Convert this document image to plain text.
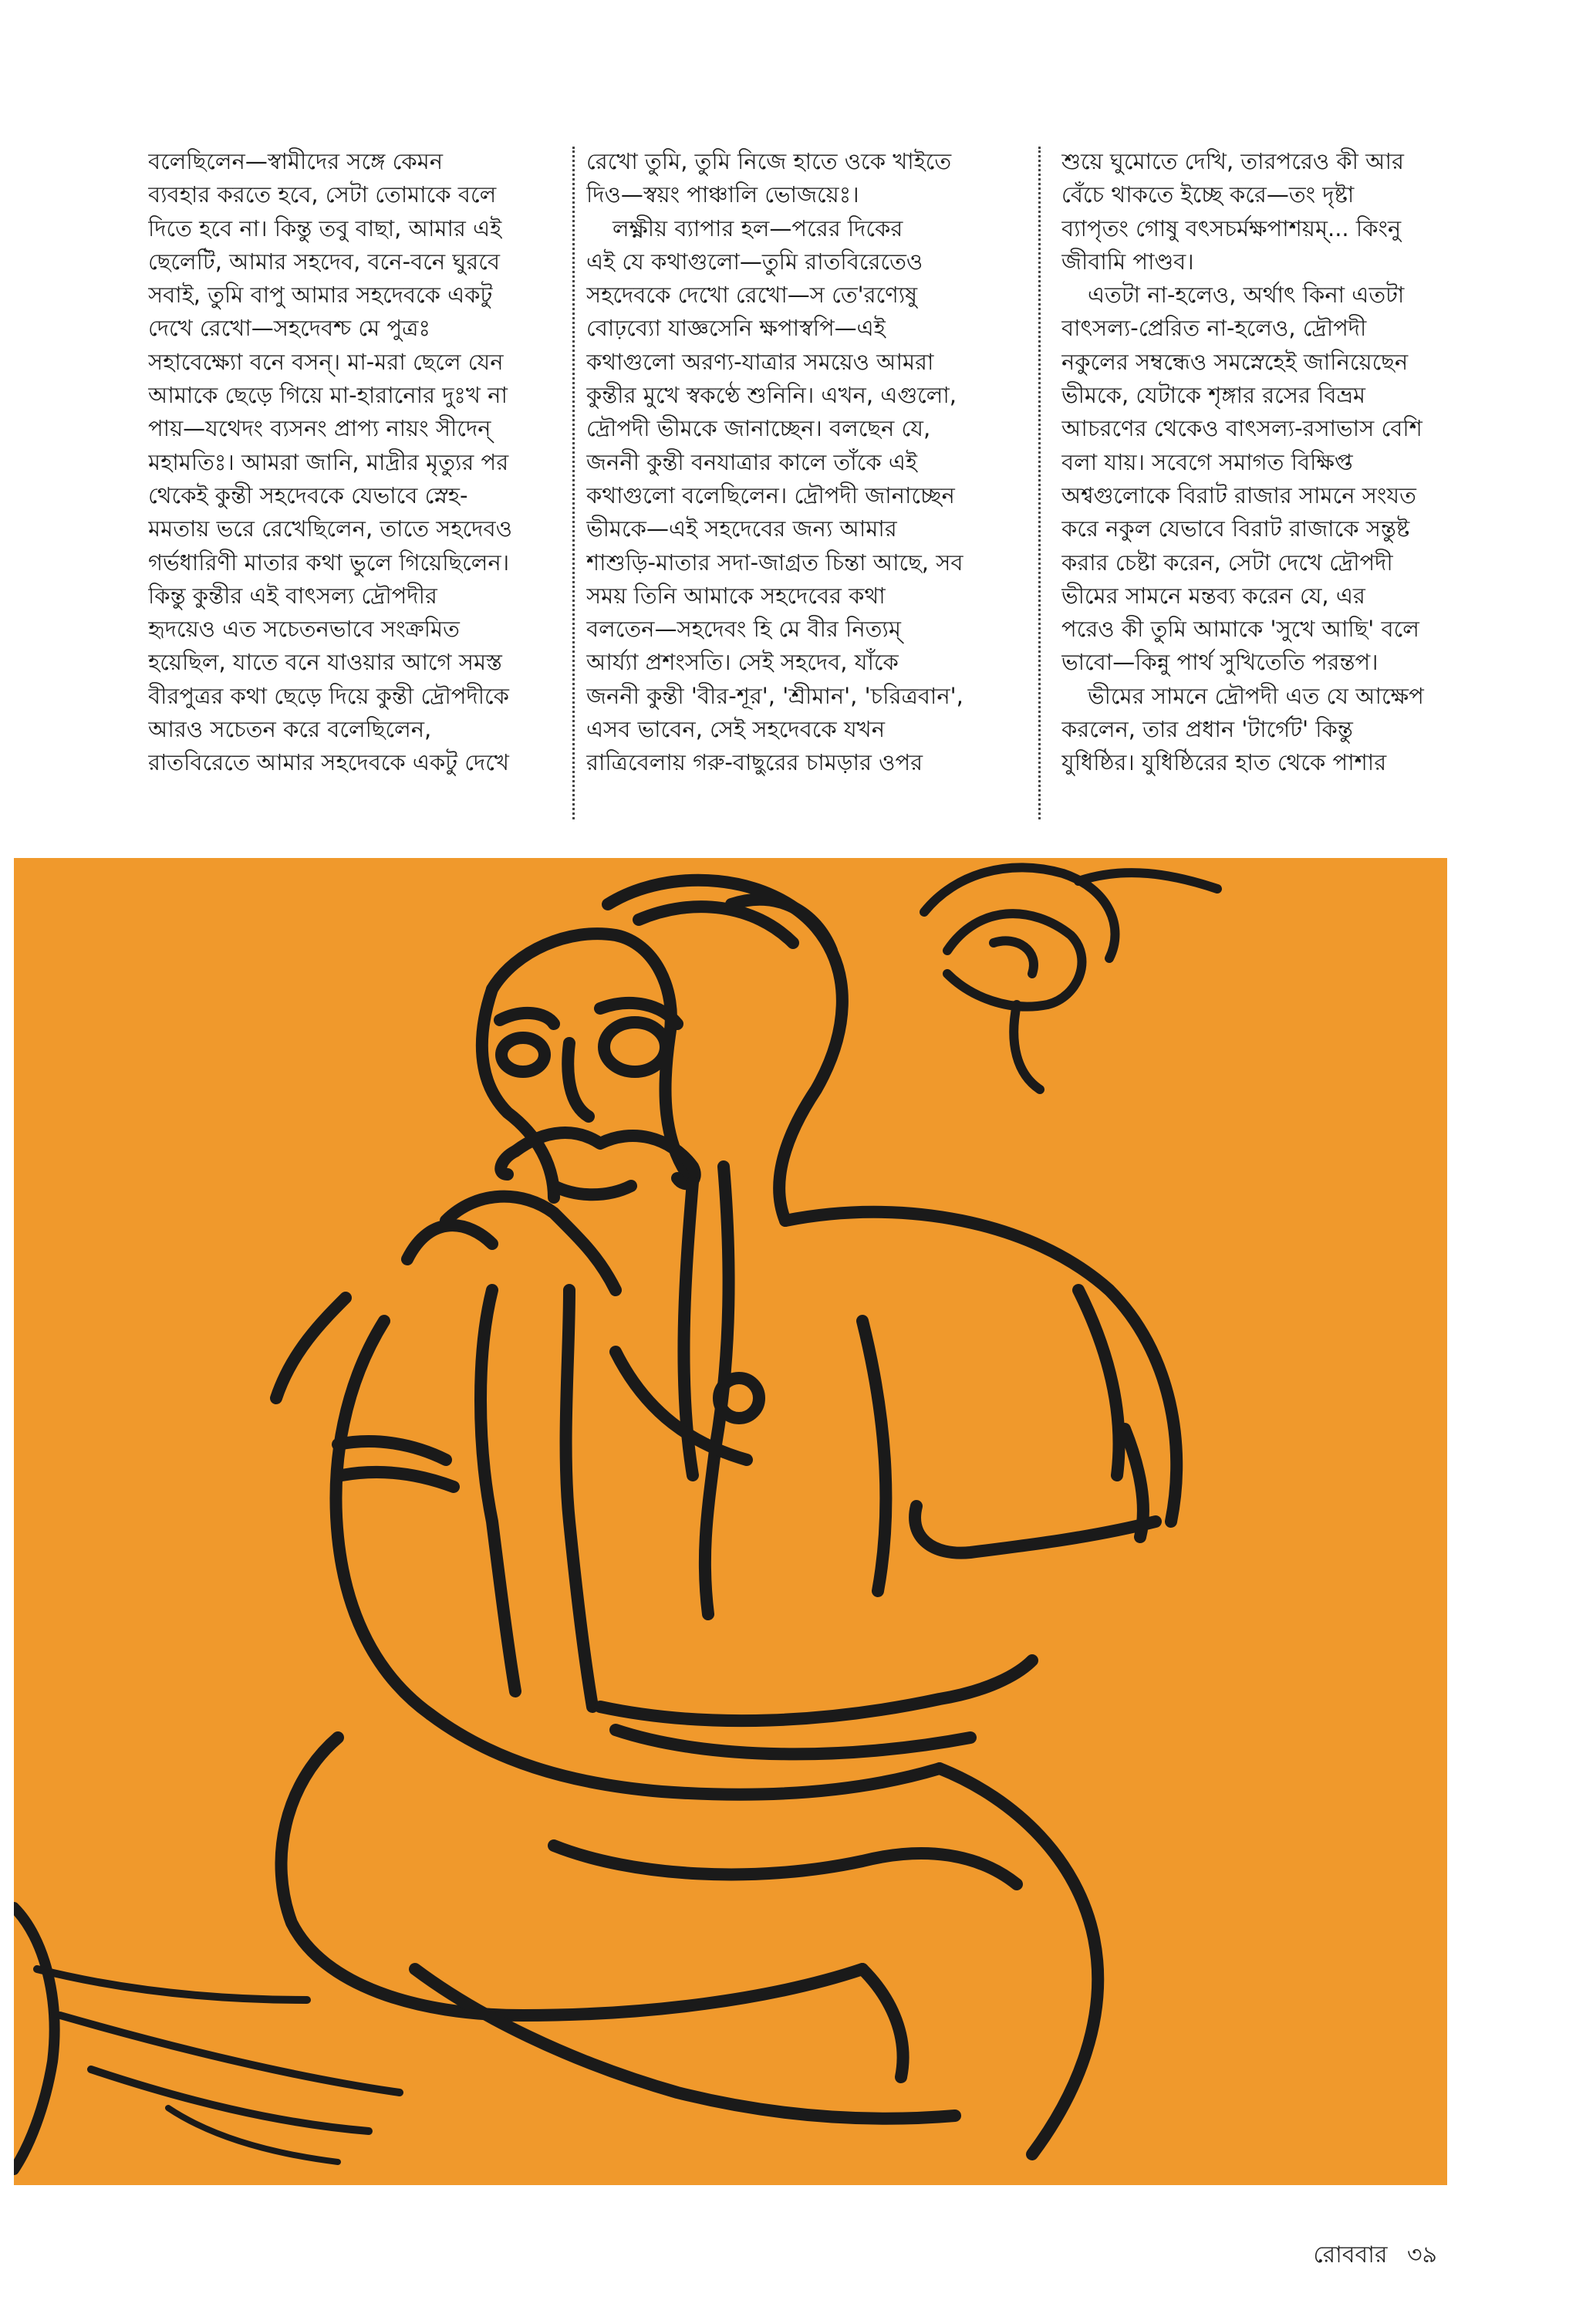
বলেছিলেন—স্বামীদের সঙ্গে কেমন
ব্যবহার করতে হবে, সেটা তোমাকে বলে
দিতে হবে না। কিন্তু তবু বাছা, আমার এই
ছেলেটি, আমার সহদেব, বনে-বনে ঘুরবে
সবাই, তুমি বাপু আমার সহদেবকে একটু
দেখে রেখো—সহদেবশ্চ মে পুত্রঃ
সহাবেক্ষ্যো বনে বসন্। মা-মরা ছেলে যেন
আমাকে ছেড়ে গিয়ে মা-হারানোর দুঃখ না
পায়—যথেদং ব্যসনং প্রাপ্য নায়ং সীদেন্
মহামতিঃ। আমরা জানি, মাদ্রীর মৃত্যুর পর
থেকেই কুন্তী সহদেবকে যেভাবে স্নেহ-
মমতায় ভরে রেখেছিলেন, তাতে সহদেবও
গর্ভধারিণী মাতার কথা ভুলে গিয়েছিলেন।
কিন্তু কুন্তীর এই বাৎসল্য দ্রৌপদীর
হৃদয়েও এত সচেতনভাবে সংক্রমিত
হয়েছিল, যাতে বনে যাওয়ার আগে সমস্ত
বীরপুত্রর কথা ছেড়ে দিয়ে কুন্তী দ্রৌপদীকে
আরও সচেতন করে বলেছিলেন,
রাতবিরেতে আমার সহদেবকে একটু দেখে
রেখো তুমি, তুমি নিজে হাতে ওকে খাইতে
দিও—স্বয়ং পাঞ্চালি ভোজয়েঃ।
লক্ষ্ণীয় ব্যাপার হল—পরের দিকের
এই যে কথাগুলো—তুমি রাতবিরেতেও
সহদেবকে দেখো রেখো—স তে'রণ্যেষু
বোঢ়ব্যো যাজ্ঞসেনি ক্ষপাস্বপি—এই
কথাগুলো অরণ্য-যাত্রার সময়েও আমরা
কুন্তীর মুখে স্বকণ্ঠে শুনিনি। এখন, এগুলো,
দ্রৌপদী ভীমকে জানাচ্ছেন। বলছেন যে,
জননী কুন্তী বনযাত্রার কালে তাঁকে এই
কথাগুলো বলেছিলেন। দ্রৌপদী জানাচ্ছেন
ভীমকে—এই সহদেবের জন্য আমার
শাশুড়ি-মাতার সদা-জাগ্রত চিন্তা আছে, সব
সময় তিনি আমাকে সহদেবের কথা
বলতেন—সহদেবং হি মে বীর নিত্যম্
আর্য্যা প্রশংসতি। সেই সহদেব, যাঁকে
জননী কুন্তী 'বীর-শূর', 'শ্রীমান', 'চরিত্রবান',
এসব ভাবেন, সেই সহদেবকে যখন
রাত্রিবেলায় গরু-বাছুরের চামড়ার ওপর
শুয়ে ঘুমোতে দেখি, তারপরেও কী আর
বেঁচে থাকতে ইচ্ছে করে—তং দৃষ্টা
ব্যাপৃতং গোষু বৎসচর্মক্ষপাশয়ম্... কিংনু
জীবামি পাণ্ডব।
এতটা না-হলেও, অর্থাৎ কিনা এতটা
বাৎসল্য-প্রেরিত না-হলেও, দ্রৌপদী
নকুলের সম্বন্ধেও সমস্নেহেই জানিয়েছেন
ভীমকে, যেটাকে শৃঙ্গার রসের বিভ্রম
আচরণের থেকেও বাৎসল্য-রসাভাস বেশি
বলা যায়। সবেগে সমাগত বিক্ষিপ্ত
অশ্বগুলোকে বিরাট রাজার সামনে সংযত
করে নকুল যেভাবে বিরাট রাজাকে সন্তুষ্ট
করার চেষ্টা করেন, সেটা দেখে দ্রৌপদী
ভীমের সামনে মন্তব্য করেন যে, এর
পরেও কী তুমি আমাকে 'সুখে আছি' বলে
ভাবো—কিন্নু পার্থ সুখিতেতি পরন্তপ।
ভীমের সামনে দ্রৌপদী এত যে আক্ষেপ
করলেন, তার প্রধান 'টার্গেট' কিন্তু
যুধিষ্ঠির। যুধিষ্ঠিরের হাত থেকে পাশার
রোববার ৩৯
